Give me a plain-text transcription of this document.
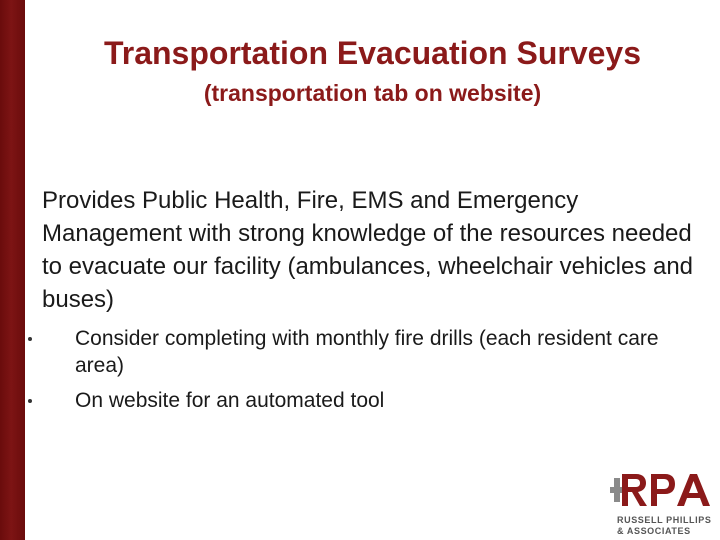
Transportation Evacuation Surveys
(transportation tab on website)

Provides Public Health, Fire, EMS and Emergency Management with strong knowledge of the resources needed to evacuate our facility (ambulances, wheelchair vehicles and buses)

Consider completing with monthly fire drills (each resident care area)
On website for an automated tool
RUSSELL PHILLIPS
& ASSOCIATES
